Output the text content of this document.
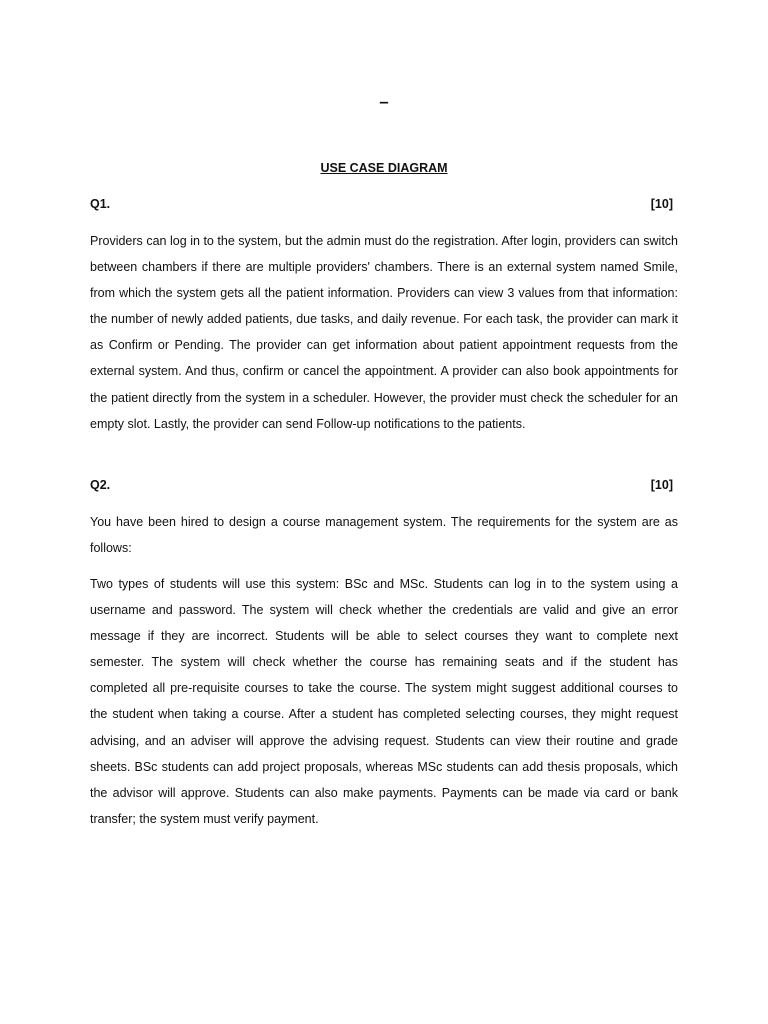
–
USE CASE DIAGRAM
Q1.	[10]

Providers can log in to the system, but the admin must do the registration. After login, providers can switch between chambers if there are multiple providers' chambers. There is an external system named Smile, from which the system gets all the patient information. Providers can view 3 values from that information: the number of newly added patients, due tasks, and daily revenue. For each task, the provider can mark it as Confirm or Pending. The provider can get information about patient appointment requests from the external system. And thus, confirm or cancel the appointment. A provider can also book appointments for the patient directly from the system in a scheduler. However, the provider must check the scheduler for an empty slot. Lastly, the provider can send Follow-up notifications to the patients.

Q2.	[10]

You have been hired to design a course management system. The requirements for the system are as follows:

Two types of students will use this system: BSc and MSc. Students can log in to the system using a username and password. The system will check whether the credentials are valid and give an error message if they are incorrect. Students will be able to select courses they want to complete next semester. The system will check whether the course has remaining seats and if the student has completed all pre-requisite courses to take the course. The system might suggest additional courses to the student when taking a course. After a student has completed selecting courses, they might request advising, and an adviser will approve the advising request. Students can view their routine and grade sheets. BSc students can add project proposals, whereas MSc students can add thesis proposals, which the advisor will approve. Students can also make payments. Payments can be made via card or bank transfer; the system must verify payment.
